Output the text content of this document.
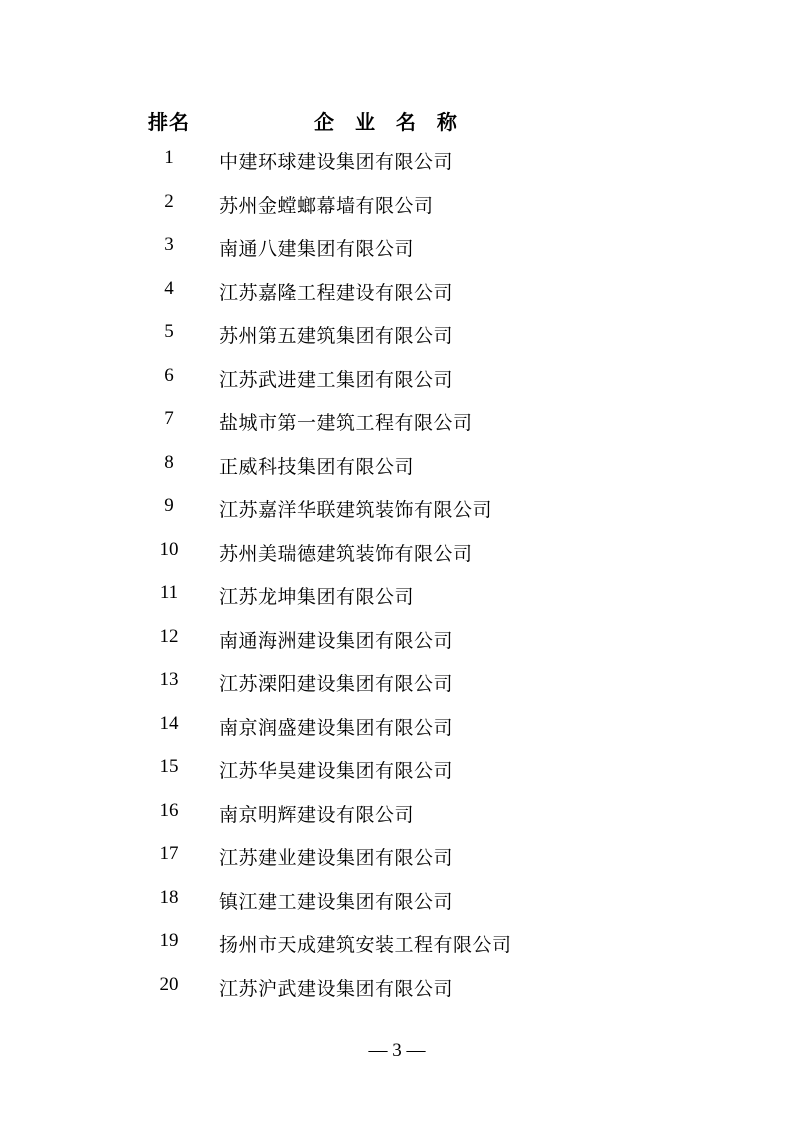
排名	企 业 名 称
1	中建环球建设集团有限公司
2	苏州金螳螂幕墙有限公司
3	南通八建集团有限公司
4	江苏嘉隆工程建设有限公司
5	苏州第五建筑集团有限公司
6	江苏武进建工集团有限公司
7	盐城市第一建筑工程有限公司
8	正威科技集团有限公司
9	江苏嘉洋华联建筑装饰有限公司
10	苏州美瑞德建筑装饰有限公司
11	江苏龙坤集团有限公司
12	南通海洲建设集团有限公司
13	江苏溧阳建设集团有限公司
14	南京润盛建设集团有限公司
15	江苏华昊建设集团有限公司
16	南京明辉建设有限公司
17	江苏建业建设集团有限公司
18	镇江建工建设集团有限公司
19	扬州市天成建筑安装工程有限公司
20	江苏沪武建设集团有限公司
— 3 —
